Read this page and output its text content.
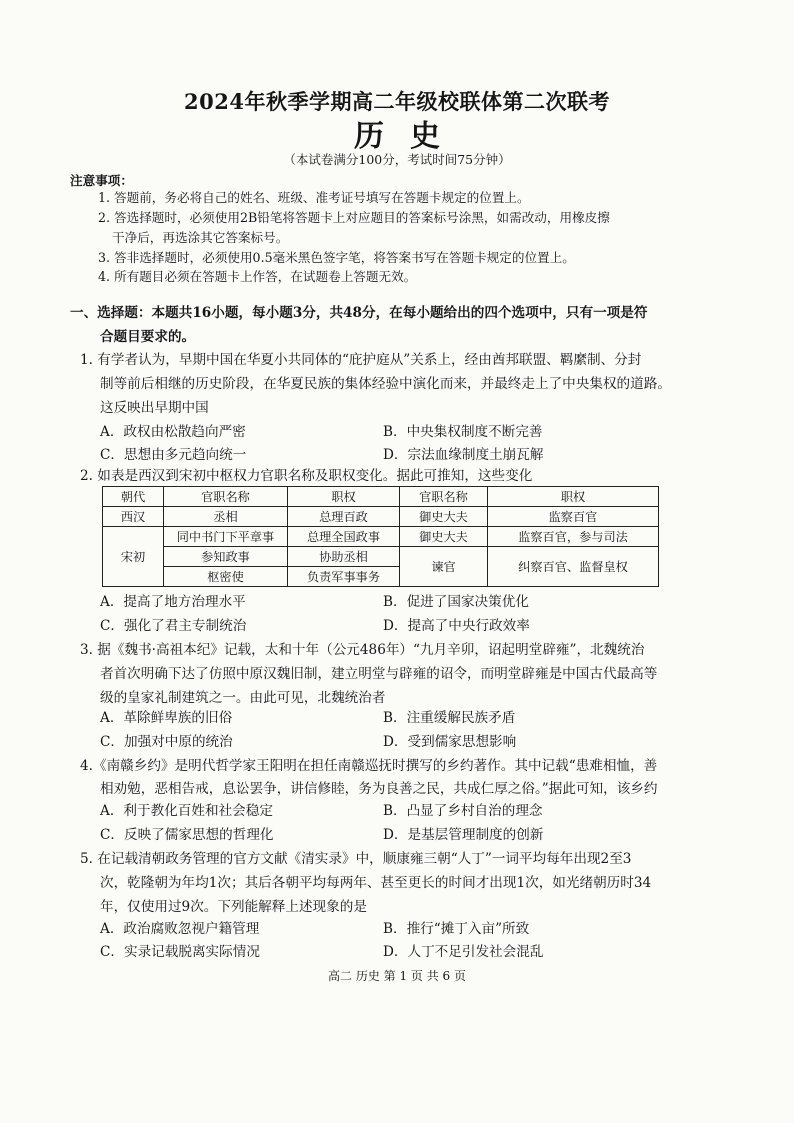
2024年秋季学期高二年级校联体第二次联考
历史
（本试卷满分100分，考试时间75分钟）
注意事项：
1. 答题前，务必将自己的姓名、班级、准考证号填写在答题卡规定的位置上。
2. 答选择题时，必须使用2B铅笔将答题卡上对应题目的答案标号涂黑，如需改动，用橡皮擦
干净后，再选涂其它答案标号。
3. 答非选择题时，必须使用0.5毫米黑色签字笔，将答案书写在答题卡规定的位置上。
4. 所有题目必须在答题卡上作答，在试题卷上答题无效。
一、选择题：本题共16小题，每小题3分，共48分，在每小题给出的四个选项中，只有一项是符
合题目要求的。
1. 有学者认为，早期中国在华夏小共同体的“庇护庭从”关系上，经由酋邦联盟、羁縻制、分封
制等前后相继的历史阶段，在华夏民族的集体经验中演化而来，并最终走上了中央集权的道路。
这反映出早期中国
A．政权由松散趋向严密	B．中央集权制度不断完善
C．思想由多元趋向统一	D．宗法血缘制度土崩瓦解
2. 如表是西汉到宋初中枢权力官职名称及职权变化。据此可推知，这些变化
朝代	官职名称	职权	官职名称	职权
西汉	丞相	总理百政	御史大夫	监察百官
宋初	同中书门下平章事	总理全国政事	御史大夫	监察百官，参与司法
	参知政事	协助丞相	谏官	纠察百官、监督皇权
	枢密使	负责军事事务		
A．提高了地方治理水平	B．促进了国家决策优化
C．强化了君主专制统治	D．提高了中央行政效率
3. 据《魏书·高祖本纪》记载，太和十年（公元486年）“九月辛卯，诏起明堂辟雍”，北魏统治
者首次明确下达了仿照中原汉魏旧制，建立明堂与辟雍的诏令，而明堂辟雍是中国古代最高等
级的皇家礼制建筑之一。由此可见，北魏统治者
A．革除鲜卑族的旧俗	B．注重缓解民族矛盾
C．加强对中原的统治	D．受到儒家思想影响
4.《南赣乡约》是明代哲学家王阳明在担任南赣巡抚时撰写的乡约著作。其中记载“患难相恤，善
相劝勉，恶相告戒，息讼罢争，讲信修睦，务为良善之民，共成仁厚之俗。”据此可知，该乡约
A．利于教化百姓和社会稳定	B．凸显了乡村自治的理念
C．反映了儒家思想的哲理化	D．是基层管理制度的创新
5. 在记载清朝政务管理的官方文献《清实录》中，顺康雍三朝“人丁”一词平均每年出现2至3
次，乾隆朝为年均1次；其后各朝平均每两年、甚至更长的时间才出现1次，如光绪朝历时34
年，仅使用过9次。下列能解释上述现象的是
A．政治腐败忽视户籍管理	B．推行“摊丁入亩”所致
C．实录记载脱离实际情况	D．人丁不足引发社会混乱
高二 历史 第 1 页 共 6 页
